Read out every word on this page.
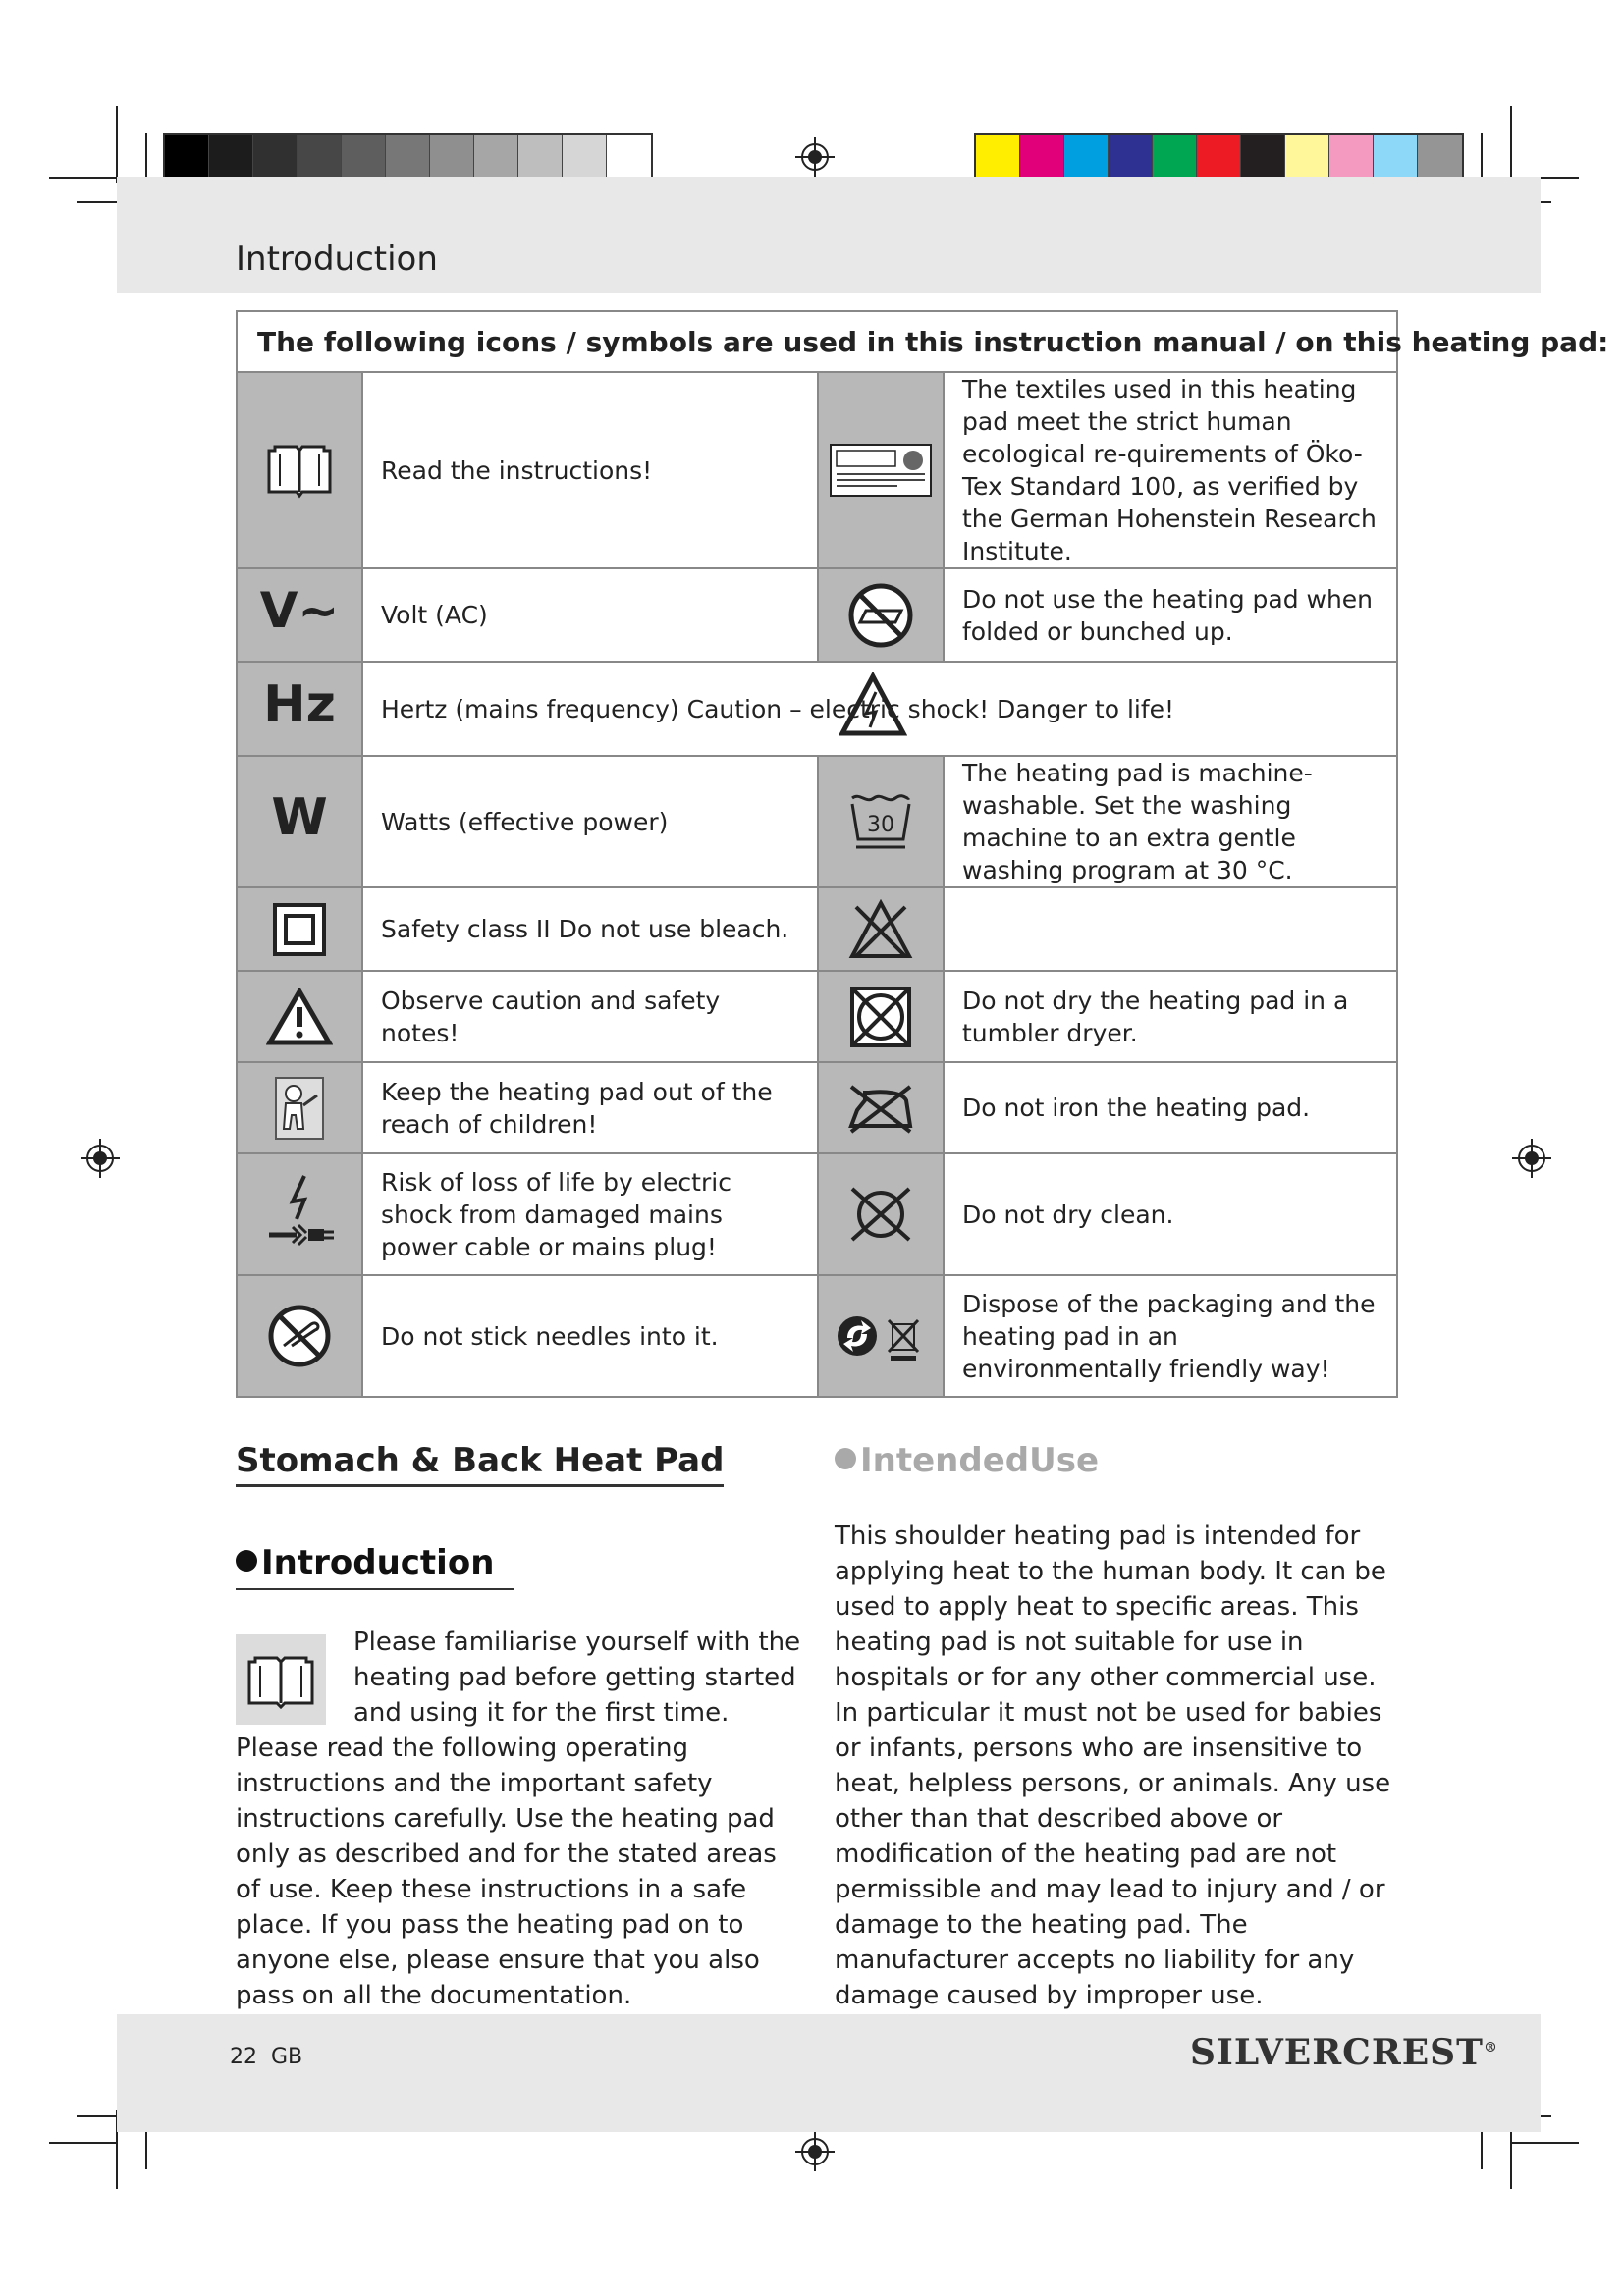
Introduction
The following icons / symbols are used in this instruction manual / on this heating pad:			
	Read the instructions!		The textiles used in this heating pad meet the strict human ecological re-quirements of Öko-Tex Standard 100, as verified by the German Hohenstein Research Institute.
V~	Volt (AC)		Do not use the heating pad when folded or bunched up.
Hz	Hertz (mains frequency) Caution – electric shock! Danger to life!		
W	Watts (effective power)	30	The heating pad is machine-washable. Set the washing machine to an extra gentle washing program at 30 °C.
	Safety class II Do not use bleach.		
	Observe caution and safety notes!		Do not dry the heating pad in a tumbler dryer.
	Keep the heating pad out of the reach of children!		Do not iron the heating pad.
	Risk of loss of life by electric shock from damaged mains power cable or mains plug!		Do not dry clean.
	Do not stick needles into it.		Dispose of the packaging and the heating pad in an environmentally friendly way!
Stomach & Back Heat Pad
Introduction
Please familiarise yourself with the heating pad before getting started and using it for the first time.
Please read the following operating instructions and the important safety instructions carefully. Use the heating pad only as described and for the stated areas of use. Keep these instructions in a safe place. If you pass the heating pad on to anyone else, please ensure that you also pass on all the documentation.
IntendedUse
This shoulder heating pad is intended for applying heat to the human body. It can be used to apply heat to specific areas. This heating pad is not suitable for use in hospitals or for any other commercial use. In particular it must not be used for babies or infants, persons who are insensitive to heat, helpless persons, or animals. Any use other than that described above or modification of the heating pad are not permissible and may lead to injury and / or damage to the heating pad. The manufacturer accepts no liability for any damage caused by improper use.
22 GB	SILVERCREST®
